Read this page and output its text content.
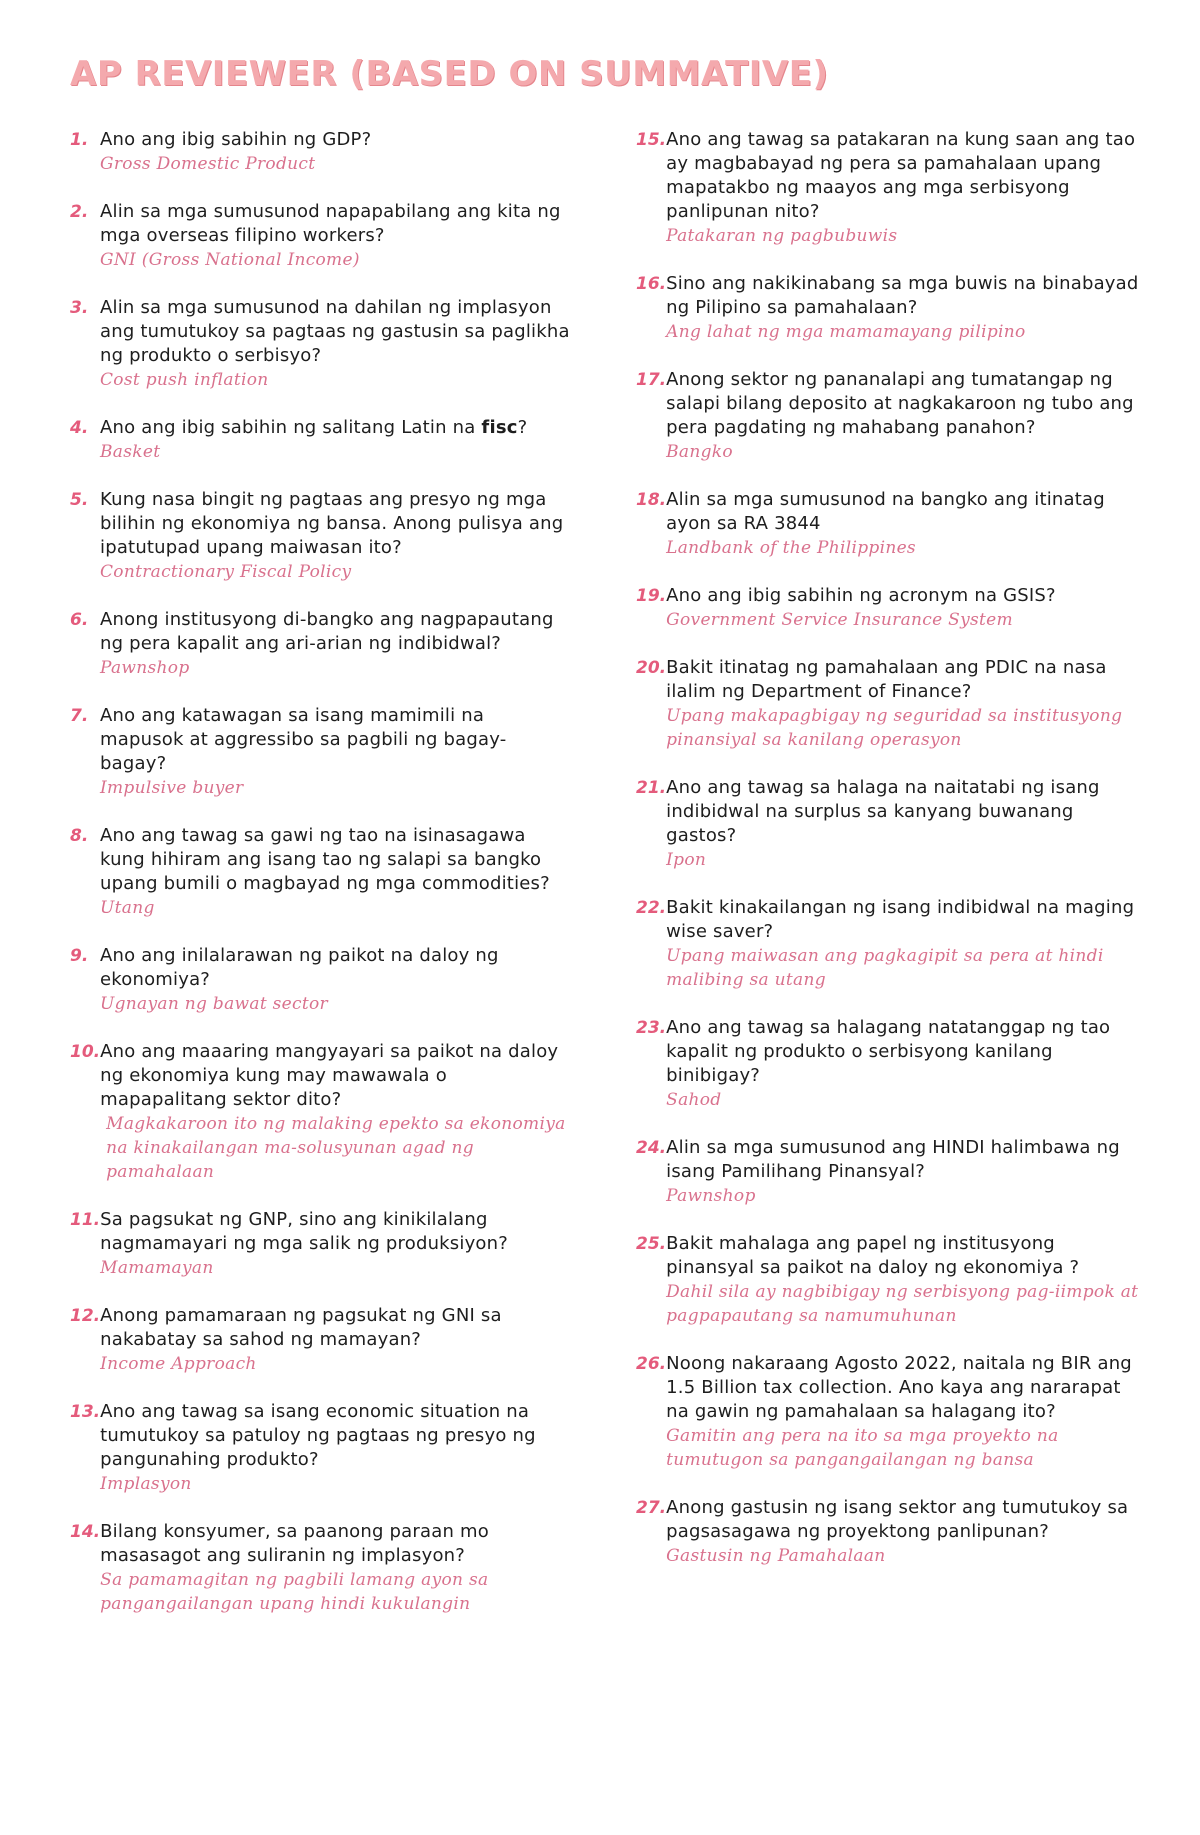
AP REVIEWER (BASED ON SUMMATIVE)
1. Ano ang ibig sabihin ng GDP?
Gross Domestic Product
2. Alin sa mga sumusunod napapabilang ang kita ng mga overseas filipino workers?
GNI (Gross National Income)
3. Alin sa mga sumusunod na dahilan ng implasyon ang tumutukoy sa pagtaas ng gastusin sa paglikha ng produkto o serbisyo?
Cost push inflation
4. Ano ang ibig sabihin ng salitang Latin na fisc?
Basket
5. Kung nasa bingit ng pagtaas ang presyo ng mga bilihin ng ekonomiya ng bansa. Anong pulisya ang ipatutupad upang maiwasan ito?
Contractionary Fiscal Policy
6. Anong institusyong di-bangko ang nagpapautang ng pera kapalit ang ari-arian ng indibidwal?
Pawnshop
7. Ano ang katawagan sa isang mamimili na mapusok at aggressibo sa pagbili ng bagay-bagay?
Impulsive buyer
8. Ano ang tawag sa gawi ng tao na isinasagawa kung hihiram ang isang tao ng salapi sa bangko upang bumili o magbayad ng mga commodities?
Utang
9. Ano ang inilalarawan ng paikot na daloy ng ekonomiya?
Ugnayan ng bawat sector
10. Ano ang maaaring mangyayari sa paikot na daloy ng ekonomiya kung may mawawala o mapapalitang sektor dito?
Magkakaroon ito ng malaking epekto sa ekonomiya na kinakailangan ma-solusyunan agad ng pamahalaan
11. Sa pagsukat ng GNP, sino ang kinikilalang nagmamayari ng mga salik ng produksiyon?
Mamamayan
12. Anong pamamaraan ng pagsukat ng GNI sa nakabatay sa sahod ng mamayan?
Income Approach
13. Ano ang tawag sa isang economic situation na tumutukoy sa patuloy ng pagtaas ng presyo ng pangunahing produkto?
Implasyon
14. Bilang konsyumer, sa paanong paraan mo masasagot ang suliranin ng implasyon?
Sa pamamagitan ng pagbili lamang ayon sa pangangailangan upang hindi kukulangin
15. Ano ang tawag sa patakaran na kung saan ang tao ay magbabayad ng pera sa pamahalaan upang mapatakbo ng maayos ang mga serbisyong panlipunan nito?
Patakaran ng pagbubuwis
16. Sino ang nakikinabang sa mga buwis na binabayad ng Pilipino sa pamahalaan?
Ang lahat ng mga mamamayang pilipino
17. Anong sektor ng pananalapi ang tumatangap ng salapi bilang deposito at nagkakaroon ng tubo ang pera pagdating ng mahabang panahon?
Bangko
18. Alin sa mga sumusunod na bangko ang itinatag ayon sa RA 3844
Landbank of the Philippines
19. Ano ang ibig sabihin ng acronym na GSIS?
Government Service Insurance System
20. Bakit itinatag ng pamahalaan ang PDIC na nasa ilalim ng Department of Finance?
Upang makapagbigay ng seguridad sa institusyong pinansiyal sa kanilang operasyon
21. Ano ang tawag sa halaga na naitatabi ng isang indibidwal na surplus sa kanyang buwanang gastos?
Ipon
22. Bakit kinakailangan ng isang indibidwal na maging wise saver?
Upang maiwasan ang pagkagipit sa pera at hindi malibing sa utang
23. Ano ang tawag sa halagang natatanggap ng tao kapalit ng produkto o serbisyong kanilang binibigay?
Sahod
24. Alin sa mga sumusunod ang HINDI halimbawa ng isang Pamilihang Pinansyal?
Pawnshop
25. Bakit mahalaga ang papel ng institusyong pinansyal sa paikot na daloy ng ekonomiya ?
Dahil sila ay nagbibigay ng serbisyong pag-iimpok at pagpapautang sa namumuhunan
26. Noong nakaraang Agosto 2022, naitala ng BIR ang 1.5 Billion tax collection. Ano kaya ang nararapat na gawin ng pamahalaan sa halagang ito?
Gamitin ang pera na ito sa mga proyekto na tumutugon sa pangangailangan ng bansa
27. Anong gastusin ng isang sektor ang tumutukoy sa pagsasagawa ng proyektong panlipunan?
Gastusin ng Pamahalaan
